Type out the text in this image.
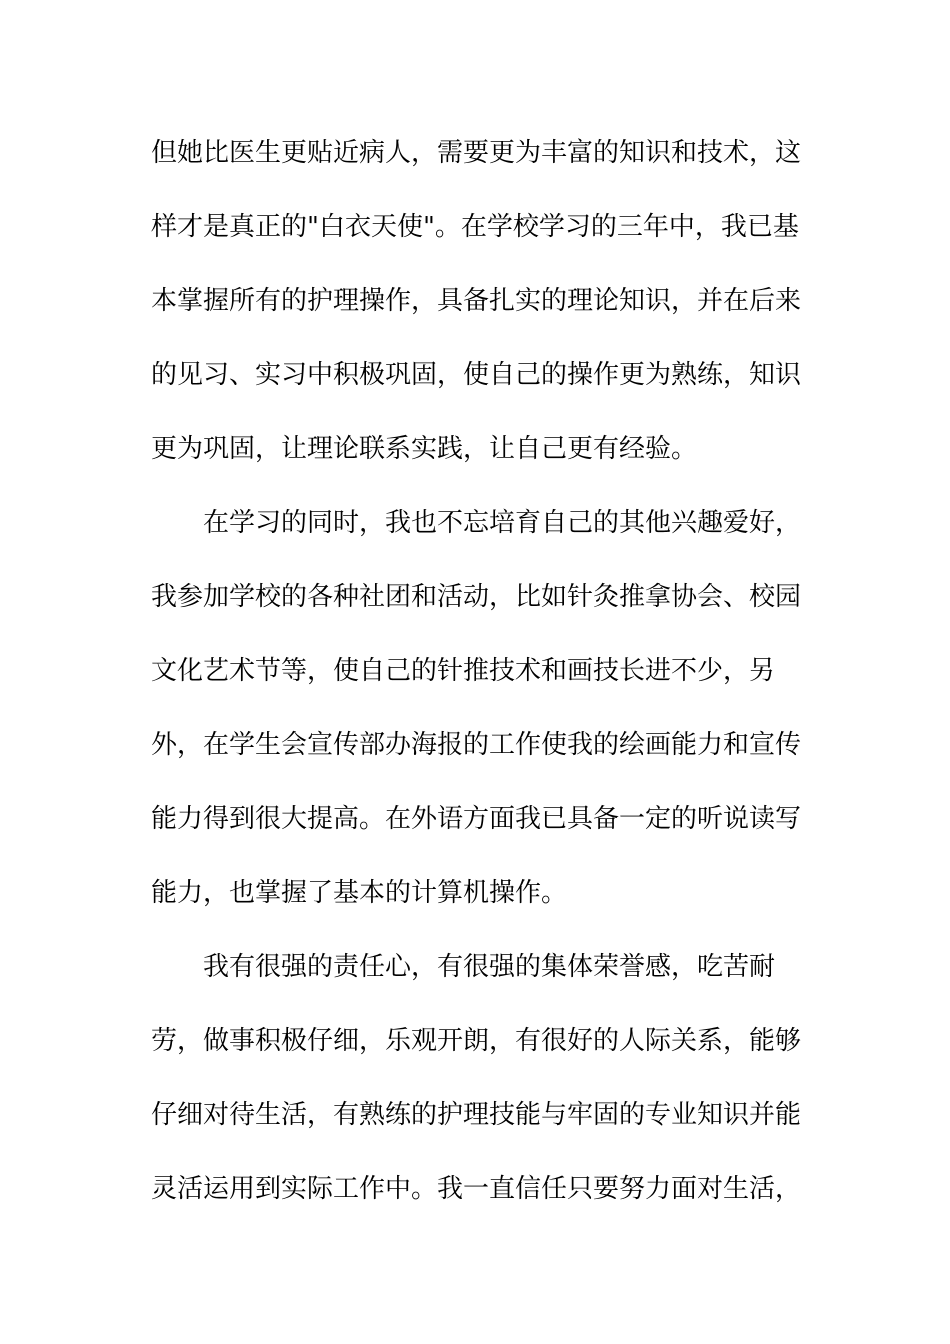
但她比医生更贴近病人，需要更为丰富的知识和技术，这
样才是真正的"白衣天使"。在学校学习的三年中，我已基
本掌握所有的护理操作，具备扎实的理论知识，并在后来
的见习、实习中积极巩固，使自己的操作更为熟练，知识
更为巩固，让理论联系实践，让自己更有经验。
在学习的同时，我也不忘培育自己的其他兴趣爱好，
我参加学校的各种社团和活动，比如针灸推拿协会、校园
文化艺术节等，使自己的针推技术和画技长进不少，另
外，在学生会宣传部办海报的工作使我的绘画能力和宣传
能力得到很大提高。在外语方面我已具备一定的听说读写
能力，也掌握了基本的计算机操作。
我有很强的责任心，有很强的集体荣誉感，吃苦耐
劳，做事积极仔细，乐观开朗，有很好的人际关系，能够
仔细对待生活，有熟练的护理技能与牢固的专业知识并能
灵活运用到实际工作中。我一直信任只要努力面对生活，
